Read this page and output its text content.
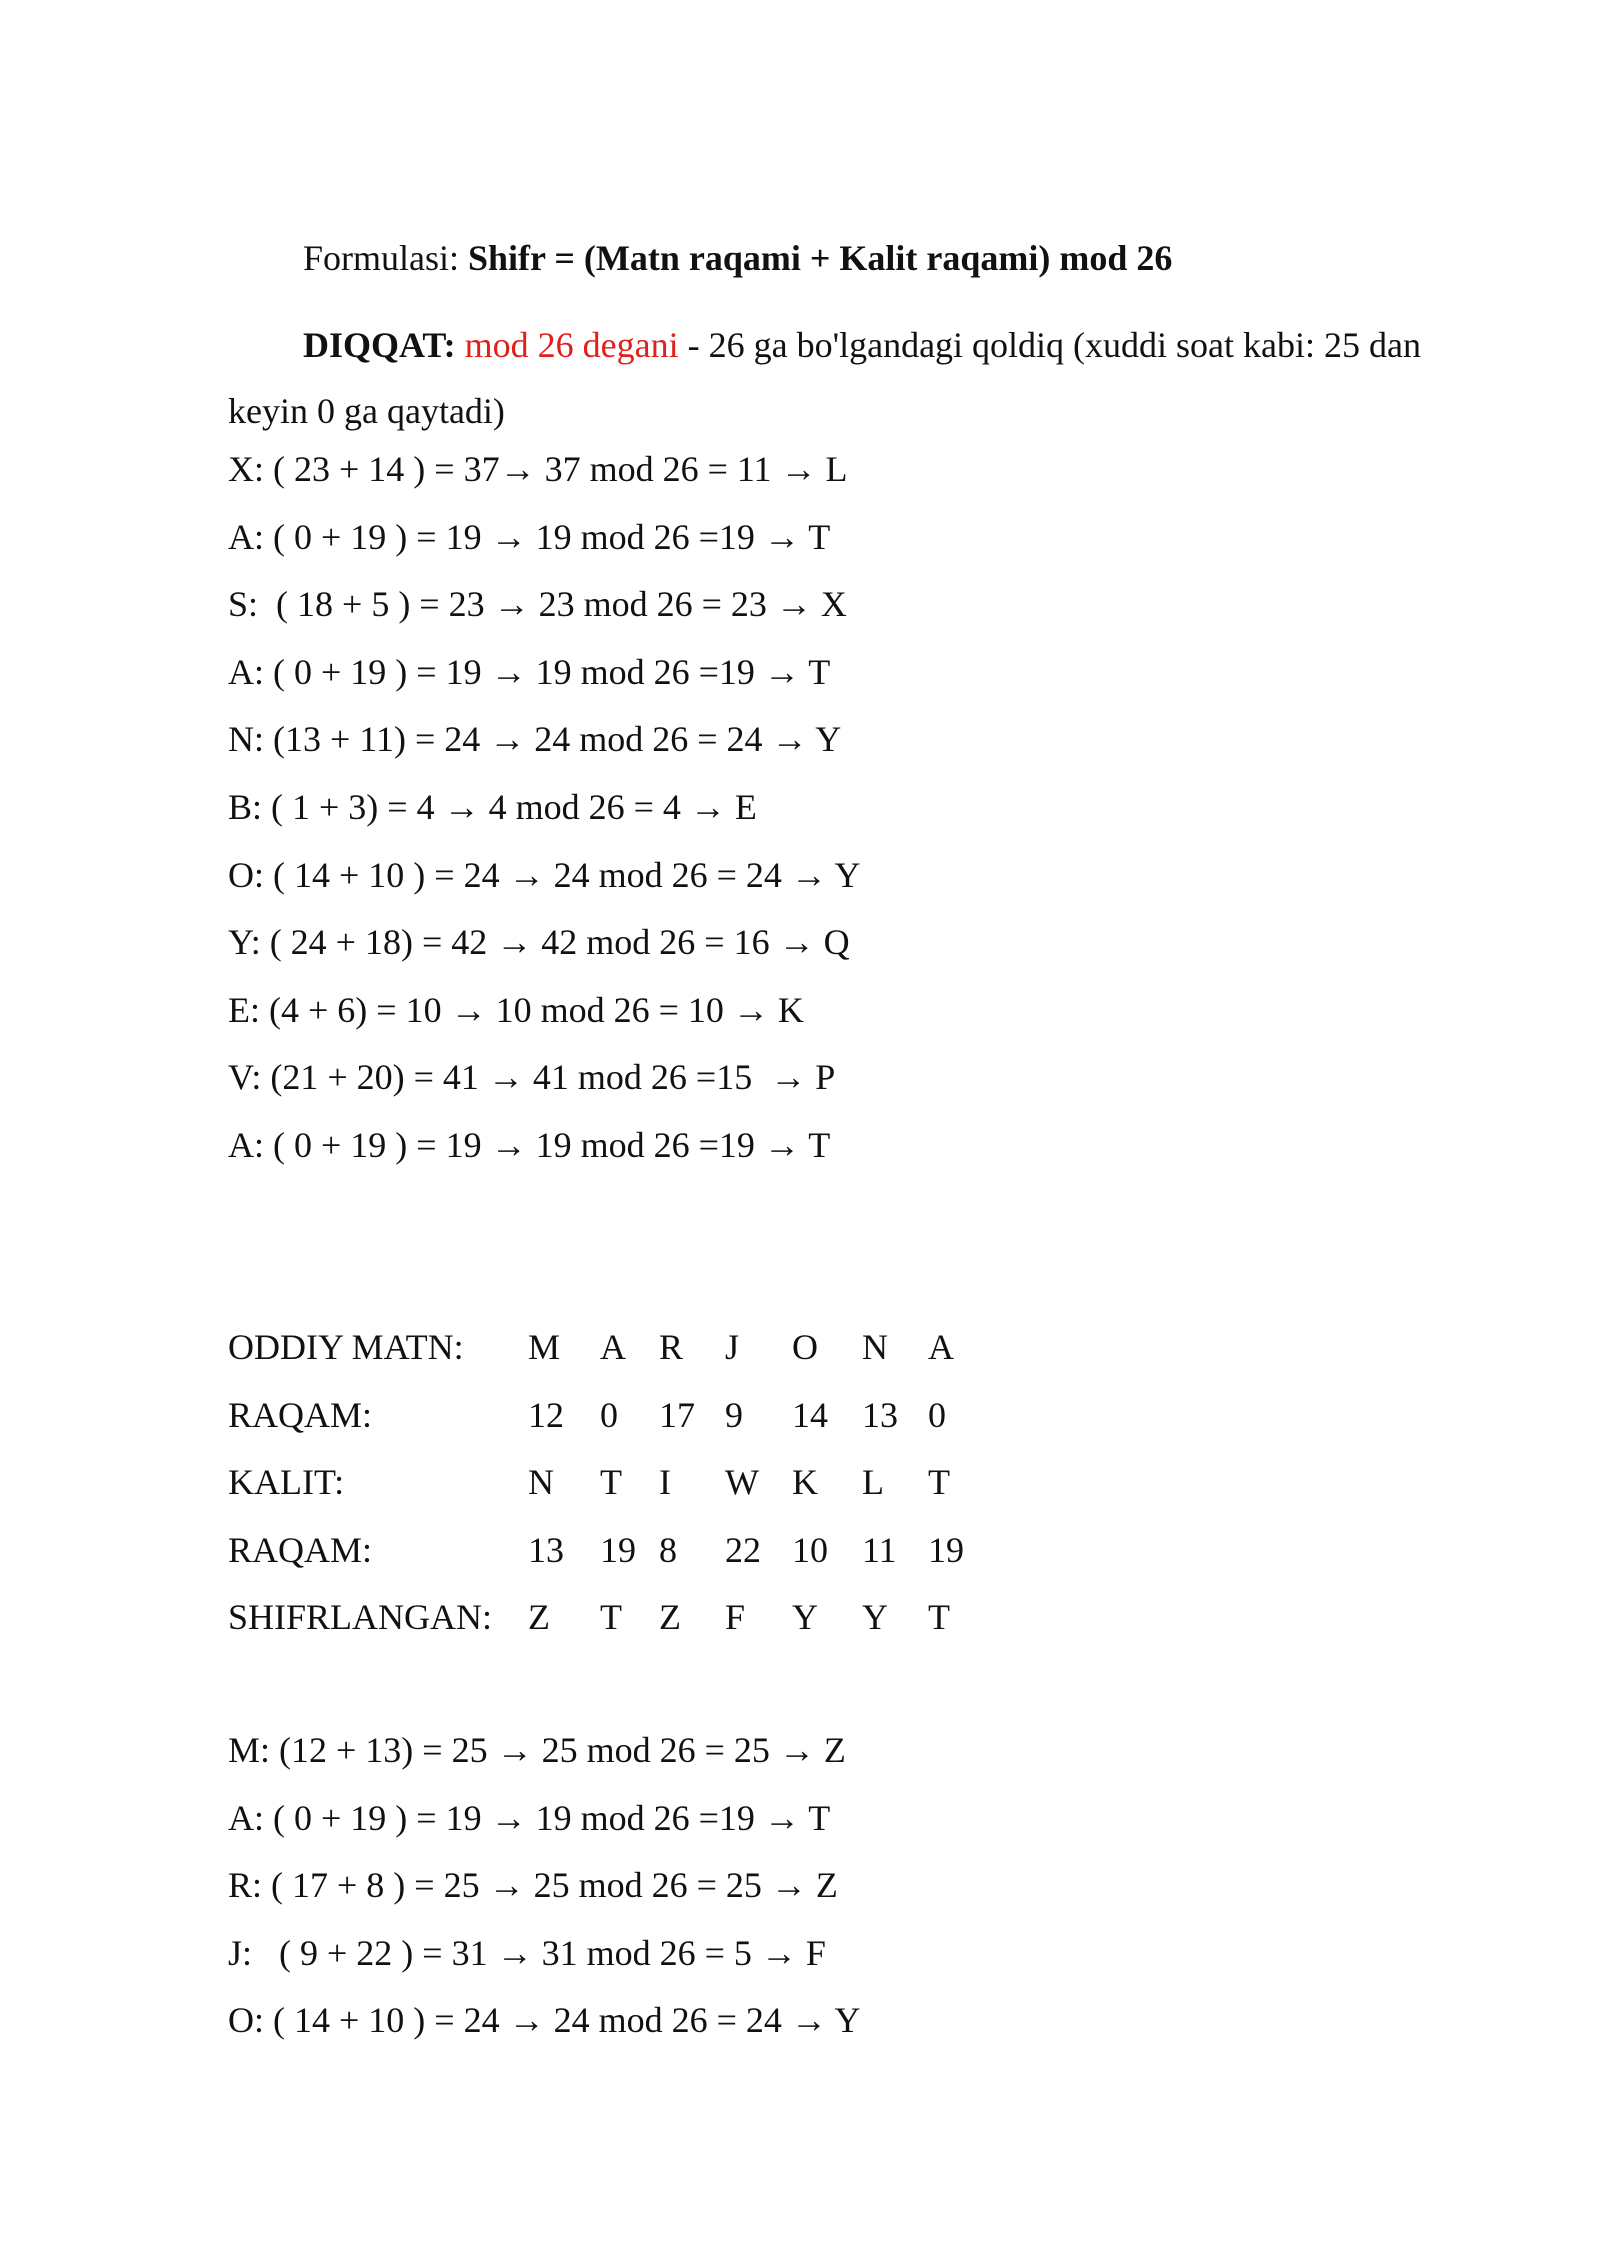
Formulasi: Shifr = (Matn raqami + Kalit raqami) mod 26
DIQQAT: mod 26 degani - 26 ga bo'lgandagi qoldiq (xuddi soat kabi: 25 dan keyin 0 ga qaytadi)
X: ( 23 + 14 ) = 37→ 37 mod 26 = 11 → L
A: ( 0 + 19 ) = 19 → 19 mod 26 =19 → T
S:  ( 18 + 5 ) = 23 → 23 mod 26 = 23 → X
A: ( 0 + 19 ) = 19 → 19 mod 26 =19 → T
N: (13 + 11) = 24 → 24 mod 26 = 24 → Y
B: ( 1 + 3) = 4 → 4 mod 26 = 4 → E
O: ( 14 + 10 ) = 24 → 24 mod 26 = 24 → Y
Y: ( 24 + 18) = 42 → 42 mod 26 = 16 → Q
E: (4 + 6) = 10 → 10 mod 26 = 10 → K
V: (21 + 20) = 41 → 41 mod 26 =15  → P
A: ( 0 + 19 ) = 19 → 19 mod 26 =19 → T
ODDIY MATN: M A R J O N A
RAQAM:	12 0 17 9 14 13 0
KALIT:	N T I W K L T
RAQAM:	13 19 8 22 10 11 19
SHIFRLANGAN: Z T Z F Y Y T
M: (12 + 13) = 25 → 25 mod 26 = 25 → Z
A: ( 0 + 19 ) = 19 → 19 mod 26 =19 → T
R: ( 17 + 8 ) = 25 → 25 mod 26 = 25 → Z
J:   ( 9 + 22 ) = 31 → 31 mod 26 = 5 → F
O: ( 14 + 10 ) = 24 → 24 mod 26 = 24 → Y
